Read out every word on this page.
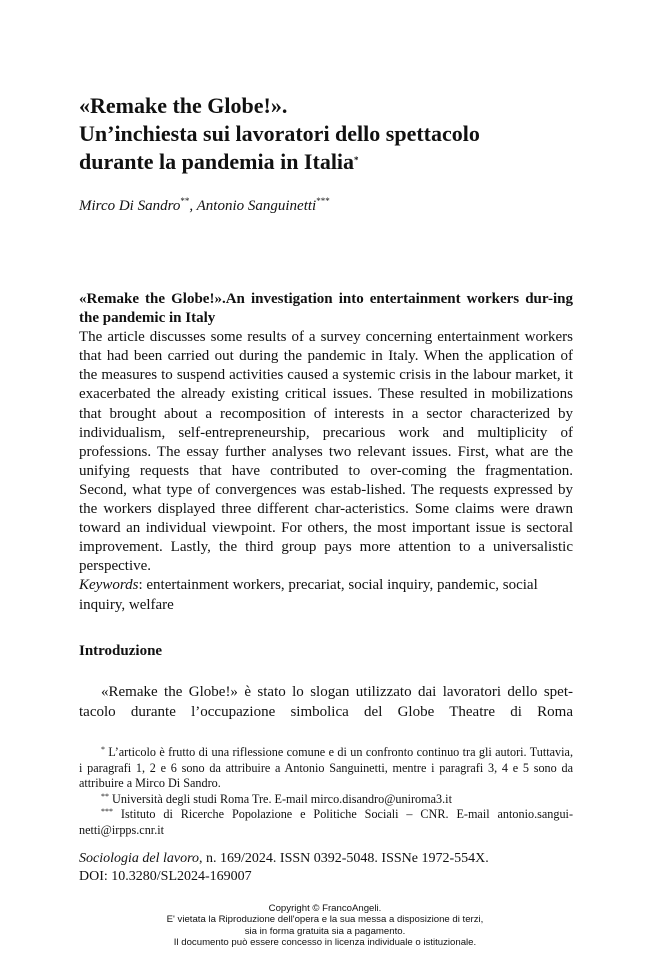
«Remake the Globe!».
Un’inchiesta sui lavoratori dello spettacolo
durante la pandemia in Italia*
Mirco Di Sandro**, Antonio Sanguinetti***
«Remake the Globe!».An investigation into entertainment workers dur-ing the pandemic in Italy
The article discusses some results of a survey concerning entertainment workers that had been carried out during the pandemic in Italy. When the application of the measures to suspend activities caused a systemic crisis in the labour market, it exacerbated the already existing critical issues. These resulted in mobilizations that brought about a recomposition of interests in a sector characterized by individualism, self-entrepreneurship, precarious work and multiplicity of professions. The essay further analyses two relevant issues. First, what are the unifying requests that have contributed to over-coming the fragmentation. Second, what type of convergences was estab-lished. The requests expressed by the workers displayed three different char-acteristics. Some claims were drawn toward an individual viewpoint. For others, the most important issue is sectoral improvement. Lastly, the third group pays more attention to a universalistic perspective.
Keywords: entertainment workers, precariat, social inquiry, pandemic, social inquiry, welfare
Introduzione

«Remake the Globe!» è stato lo slogan utilizzato dai lavoratori dello spet-tacolo durante l’occupazione simbolica del Globe Theatre di Roma

* L’articolo è frutto di una riflessione comune e di un confronto continuo tra gli autori. Tuttavia, i paragrafi 1, 2 e 6 sono da attribuire a Antonio Sanguinetti, mentre i paragrafi 3, 4 e 5 sono da attribuire a Mirco Di Sandro.

** Università degli studi Roma Tre. E-mail mirco.disandro@uniroma3.it

*** Istituto di Ricerche Popolazione e Politiche Sociali – CNR. E-mail antonio.sangui-netti@irpps.cnr.it

Sociologia del lavoro, n. 169/2024. ISSN 0392-5048. ISSNe 1972-554X.
DOI: 10.3280/SL2024-169007
Copyright © FrancoAngeli.
E' vietata la Riproduzione dell'opera e la sua messa a disposizione di terzi,
sia in forma gratuita sia a pagamento.
Il documento può essere concesso in licenza individuale o istituzionale.
